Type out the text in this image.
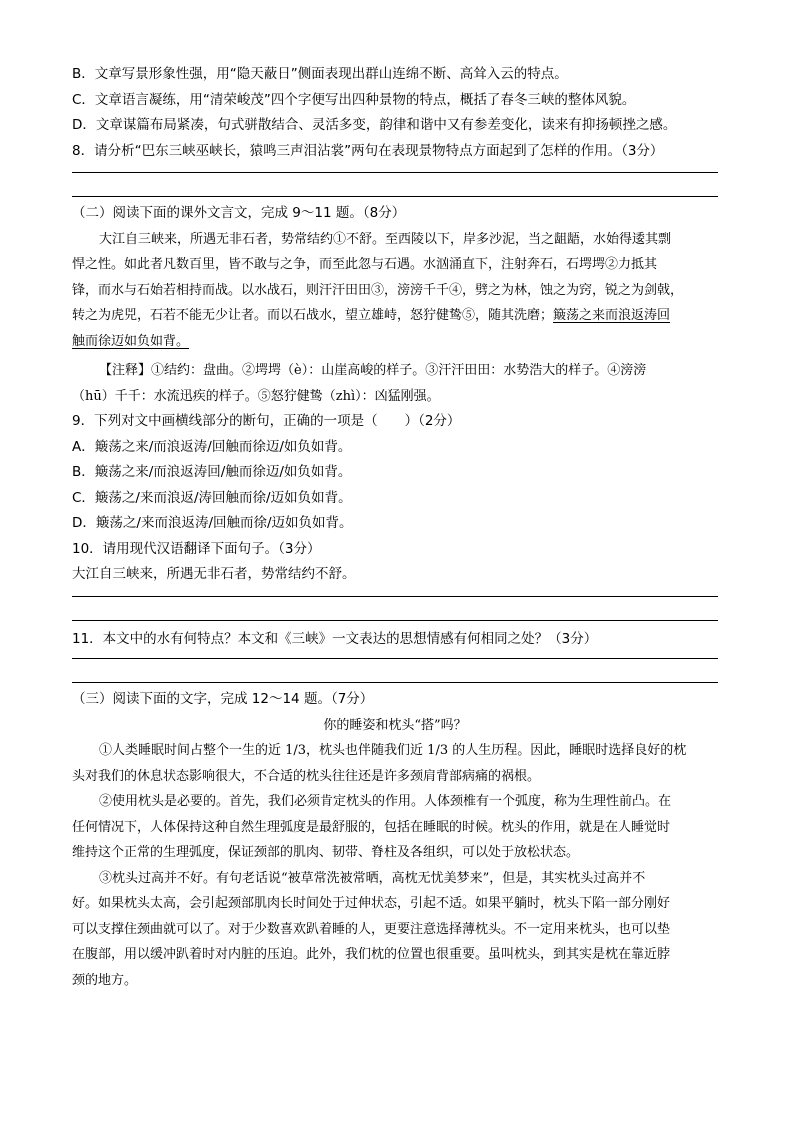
B．文章写景形象性强，用“隐天蔽日”侧面表现出群山连绵不断、高耸入云的特点。
C．文章语言凝练，用“清荣峻茂”四个字便写出四种景物的特点，概括了春冬三峡的整体风貌。
D．文章谋篇布局紧凑，句式骈散结合、灵活多变，韵律和谐中又有参差变化，读来有抑扬顿挫之感。
8．请分析“巴东三峡巫峡长，猿鸣三声泪沾裳”两句在表现景物特点方面起到了怎样的作用。（3分）
（二）阅读下面的课外文言文，完成 9～11 题。（8分）
大江自三峡来，所遇无非石者，势常结约①不舒。至西陵以下，岸多沙泥，当之龃龉，水始得逶其剽
悍之性。如此者凡数百里，皆不敢与之争，而至此忽与石遇。水汹涌直下，注射奔石，石堮堮②力抵其
锋，而水与石始若相持而战。以水战石，则汗汗田田③，滂滂千千④，劈之为林，蚀之为窍，锐之为剑戟，
转之为虎兕，石若不能无少让者。而以石战水，望立雄峙，怒狞健鸷⑤，随其洗磨；簸荡之来而浪返涛回
触而徐迈如负如背。
【注释】①结约：盘曲。②堮堮（è）：山崖高峻的样子。③汗汗田田：水势浩大的样子。④滂滂
（hū）千千：水流迅疾的样子。⑤怒狞健鸷（zhì）：凶猛刚强。
9．下列对文中画横线部分的断句，正确的一项是（　　）（2分）
A．簸荡之来/而浪返涛/回触而徐迈/如负如背。
B．簸荡之来/而浪返涛回/触而徐迈/如负如背。
C．簸荡之/来而浪返/涛回触而徐/迈如负如背。
D．簸荡之/来而浪返涛/回触而徐/迈如负如背。
10．请用现代汉语翻译下面句子。（3分）
大江自三峡来，所遇无非石者，势常结约不舒。
11．本文中的水有何特点？本文和《三峡》一文表达的思想情感有何相同之处？（3分）
（三）阅读下面的文字，完成 12～14 题。（7分）
你的睡姿和枕头“搭”吗？
①人类睡眠时间占整个一生的近 1/3，枕头也伴随我们近 1/3 的人生历程。因此，睡眠时选择良好的枕
头对我们的休息状态影响很大，不合适的枕头往往还是许多颈肩背部病痛的祸根。
②使用枕头是必要的。首先，我们必须肯定枕头的作用。人体颈椎有一个弧度，称为生理性前凸。在
任何情况下，人体保持这种自然生理弧度是最舒服的，包括在睡眠的时候。枕头的作用，就是在人睡觉时
维持这个正常的生理弧度，保证颈部的肌肉、韧带、脊柱及各组织，可以处于放松状态。
③枕头过高并不好。有句老话说“被草常洗被常晒，高枕无忧美梦来”，但是，其实枕头过高并不
好。如果枕头太高，会引起颈部肌肉长时间处于过伸状态，引起不适。如果平躺时，枕头下陷一部分刚好
可以支撑住颈曲就可以了。对于少数喜欢趴着睡的人，更要注意选择薄枕头。不一定用来枕头，也可以垫
在腹部，用以缓冲趴着时对内脏的压迫。此外，我们枕的位置也很重要。虽叫枕头，到其实是枕在靠近脖
颈的地方。
